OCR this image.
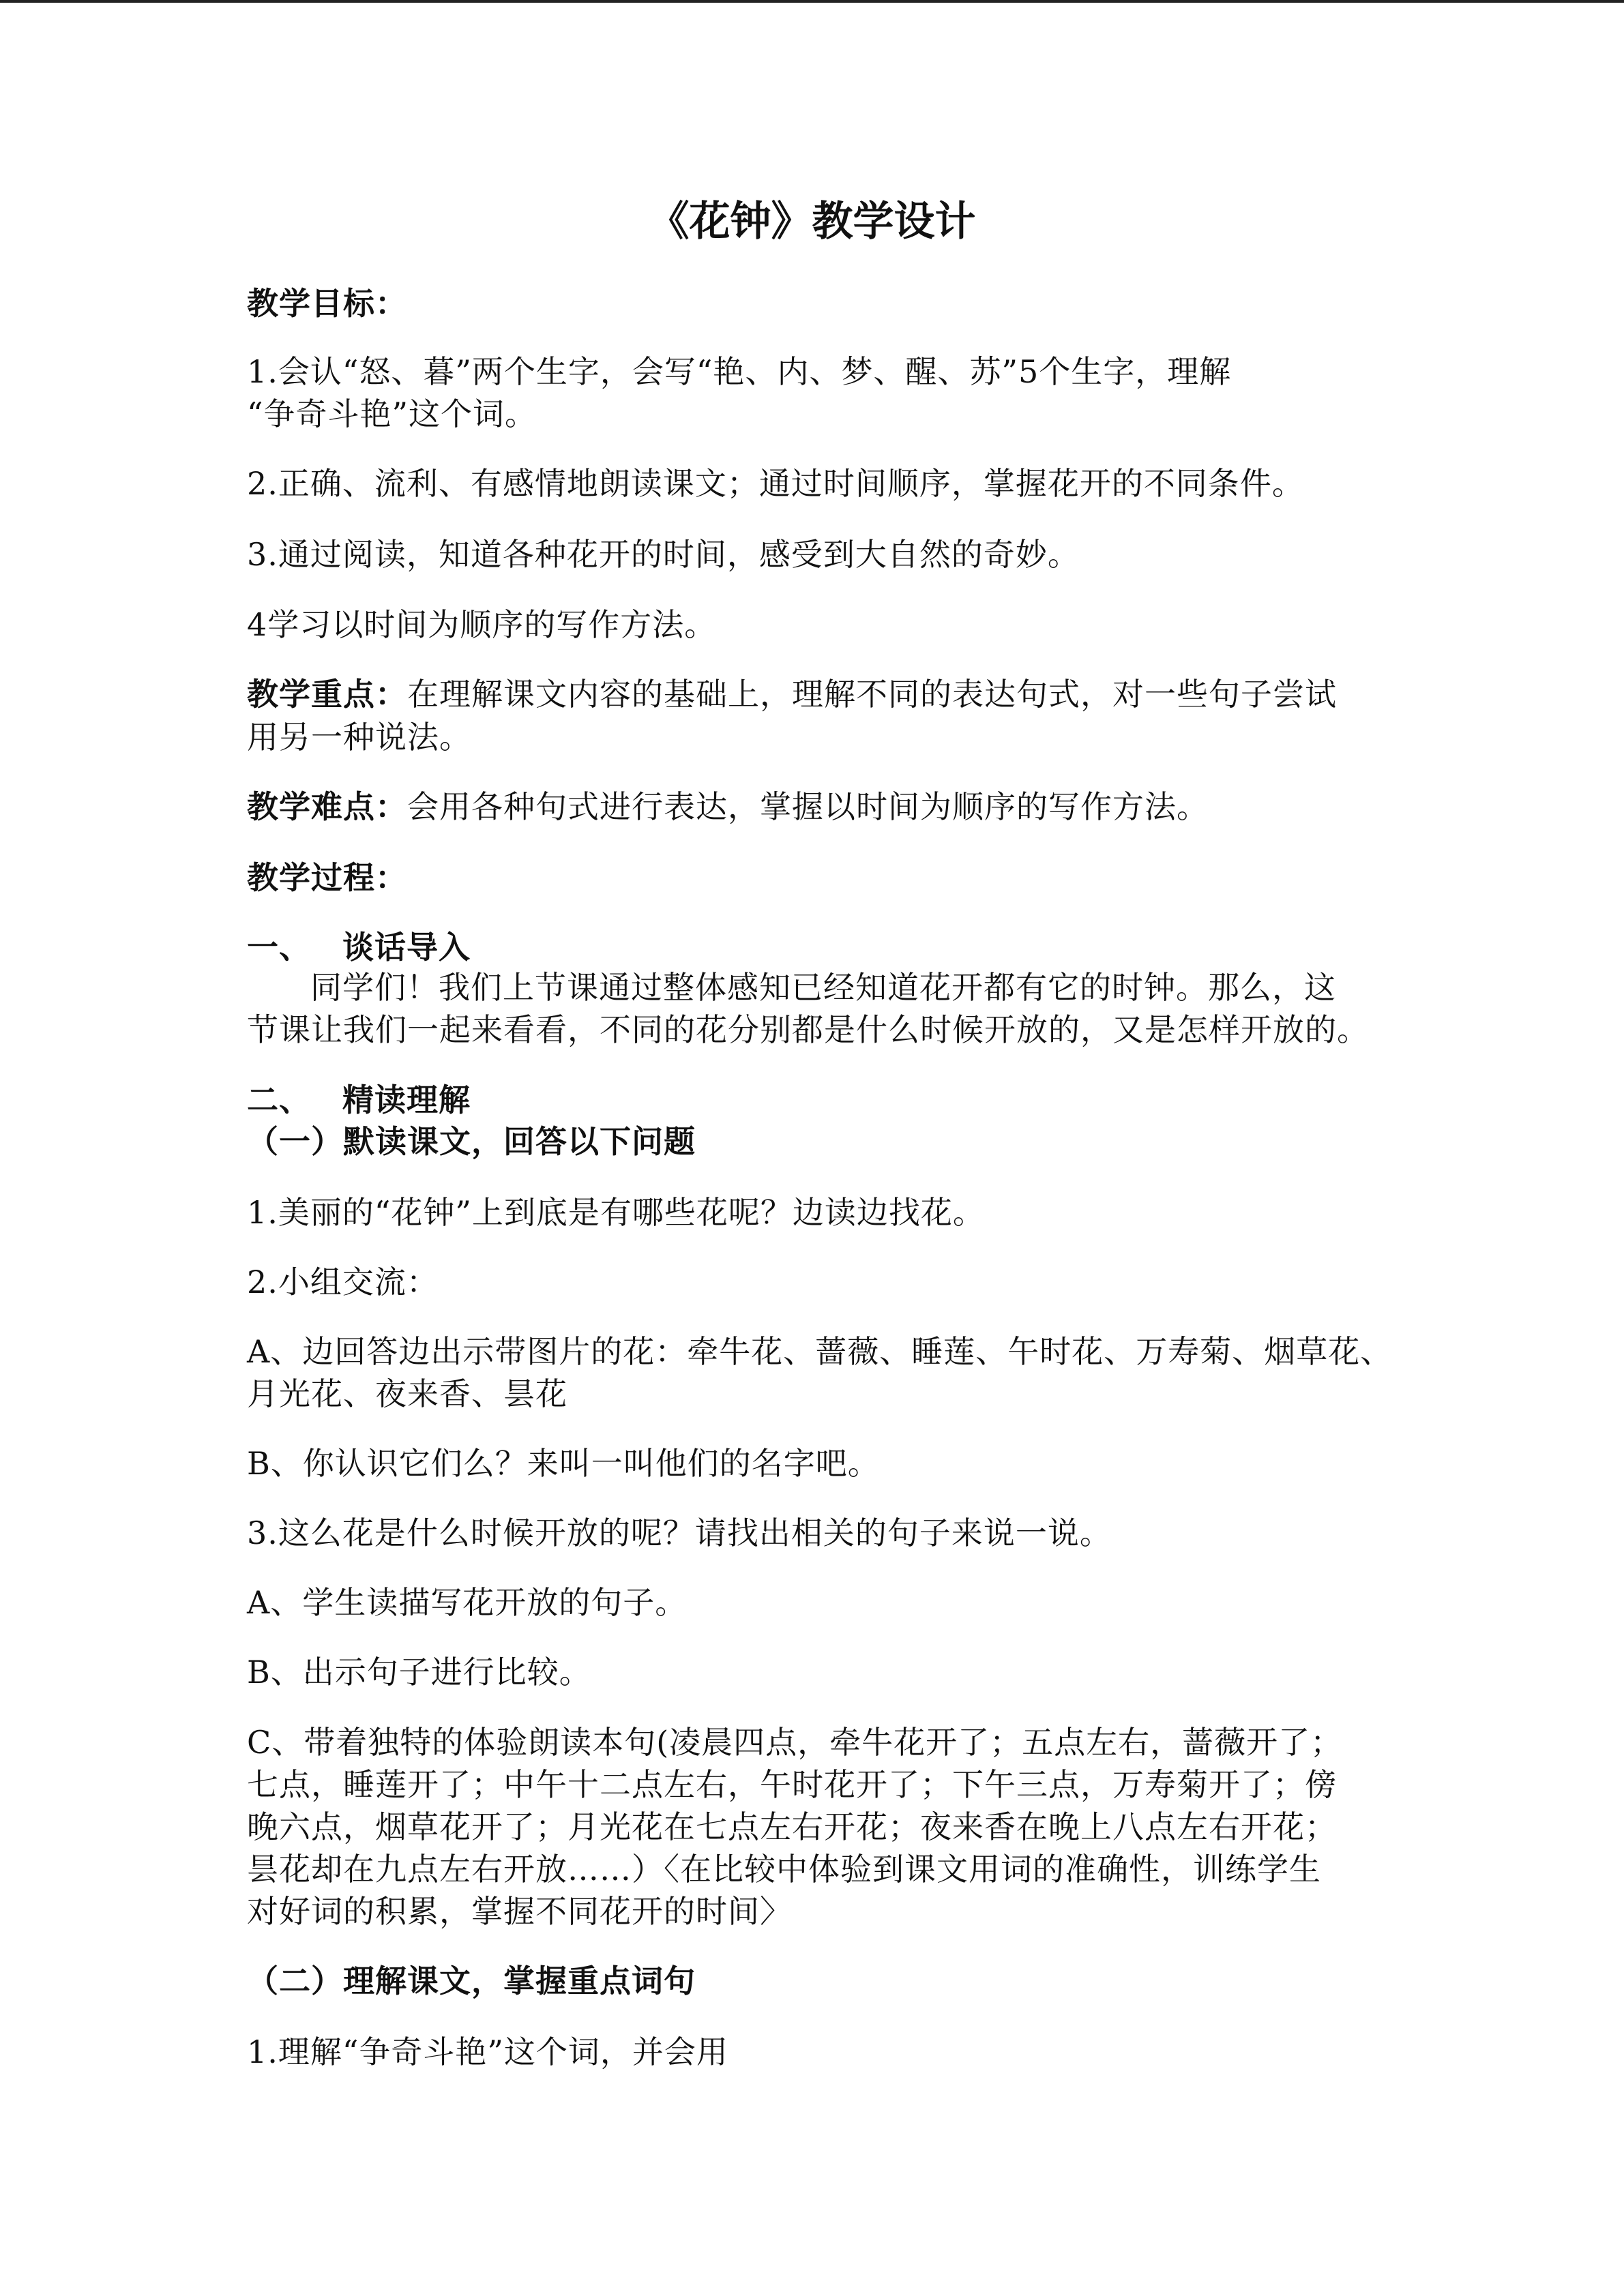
《花钟》教学设计

教学目标：

1.会认“怒、暮”两个生字，会写“艳、内、梦、醒、苏”5个生字，理解

“争奇斗艳”这个词。

2.正确、流利、有感情地朗读课文；通过时间顺序，掌握花开的不同条件。

3.通过阅读，知道各种花开的时间，感受到大自然的奇妙。

4学习以时间为顺序的写作方法。

教学重点：在理解课文内容的基础上，理解不同的表达句式，对一些句子尝试

用另一种说法。

教学难点：会用各种句式进行表达，掌握以时间为顺序的写作方法。

教学过程：

一、 谈话导入

同学们！我们上节课通过整体感知已经知道花开都有它的时钟。那么，这

节课让我们一起来看看，不同的花分别都是什么时候开放的，又是怎样开放的。

二、 精读理解

（一）默读课文，回答以下问题

1.美丽的“花钟”上到底是有哪些花呢？边读边找花。

2.小组交流：

A、边回答边出示带图片的花：牵牛花、蔷薇、睡莲、午时花、万寿菊、烟草花、

月光花、夜来香、昙花

B、你认识它们么？来叫一叫他们的名字吧。

3.这么花是什么时候开放的呢？请找出相关的句子来说一说。

A、学生读描写花开放的句子。

B、出示句子进行比较。

C、带着独特的体验朗读本句(凌晨四点，牵牛花开了；五点左右，蔷薇开了；

七点，睡莲开了；中午十二点左右，午时花开了；下午三点，万寿菊开了；傍

晚六点，烟草花开了；月光花在七点左右开花；夜来香在晚上八点左右开花；

昙花却在九点左右开放……）〈在比较中体验到课文用词的准确性，训练学生

对好词的积累，掌握不同花开的时间〉

（二）理解课文，掌握重点词句

1.理解“争奇斗艳”这个词，并会用
